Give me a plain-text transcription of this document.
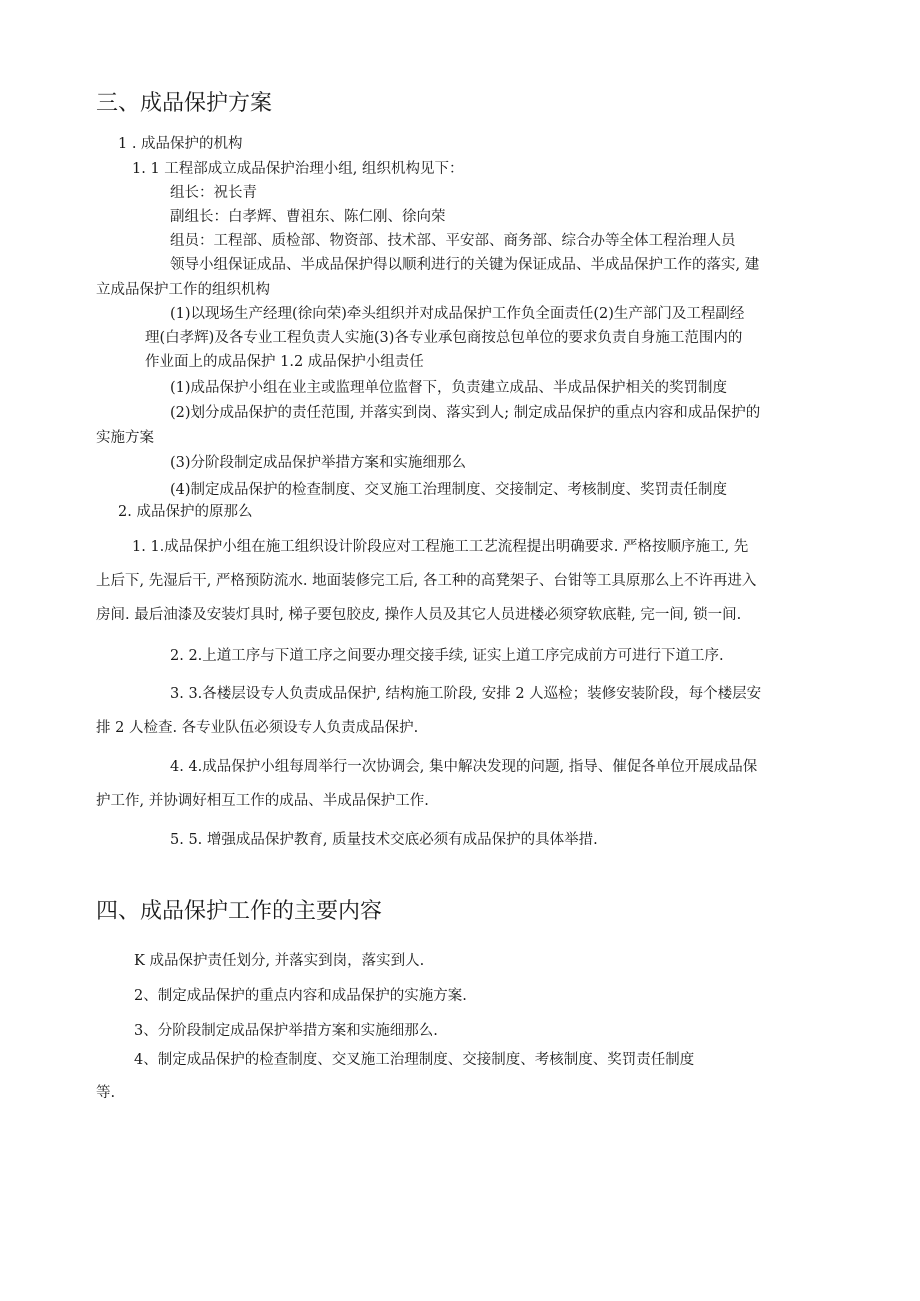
三、成品保护方案
1 . 成品保护的机构
1. 1 工程部成立成品保护治理小组, 组织机构见下：
组长：祝长青
副组长：白孝辉、曹祖东、陈仁刚、徐向荣
组员：工程部、质检部、物资部、技术部、平安部、商务部、综合办等全体工程治理人员
领导小组保证成品、半成品保护得以顺利进行的关键为保证成品、半成品保护工作的落实, 建
立成品保护工作的组织机构
(1)以现场生产经理(徐向荣)牵头组织并对成品保护工作负全面责任(2)生产部门及工程副经
理(白孝辉)及各专业工程负责人实施(3)各专业承包商按总包单位的要求负责自身施工范围内的
作业面上的成品保护 1.2 成品保护小组责任
(1)成品保护小组在业主或监理单位监督下，负责建立成品、半成品保护相关的奖罚制度
(2)划分成品保护的责任范围, 并落实到岗、落实到人; 制定成品保护的重点内容和成品保护的
实施方案
(3)分阶段制定成品保护举措方案和实施细那么
(4)制定成品保护的检查制度、交叉施工治理制度、交接制定、考核制度、奖罚责任制度
2. 成品保护的原那么
1. 1.成品保护小组在施工组织设计阶段应对工程施工工艺流程提出明确要求. 严格按顺序施工, 先
上后下, 先湿后干, 严格预防流水. 地面装修完工后, 各工种的高凳架子、台钳等工具原那么上不许再进入
房间. 最后油漆及安装灯具时, 梯子要包胶皮, 操作人员及其它人员进楼必须穿软底鞋, 完一间, 锁一间.
2. 2.上道工序与下道工序之间要办理交接手续, 证实上道工序完成前方可进行下道工序.
3. 3.各楼层设专人负责成品保护, 结构施工阶段, 安排 2 人巡检；装修安装阶段，每个楼层安
排 2 人检查. 各专业队伍必须设专人负责成品保护.
4. 4.成品保护小组每周举行一次协调会, 集中解决发现的问题, 指导、催促各单位开展成品保
护工作, 并协调好相互工作的成品、半成品保护工作.
5. 5. 增强成品保护教育, 质量技术交底必须有成品保护的具体举措.
四、成品保护工作的主要内容
K 成品保护责任划分, 并落实到岗，落实到人.
2、制定成品保护的重点内容和成品保护的实施方案.
3、分阶段制定成品保护举措方案和实施细那么.
4、制定成品保护的检查制度、交叉施工治理制度、交接制度、考核制度、奖罚责任制度
等.
